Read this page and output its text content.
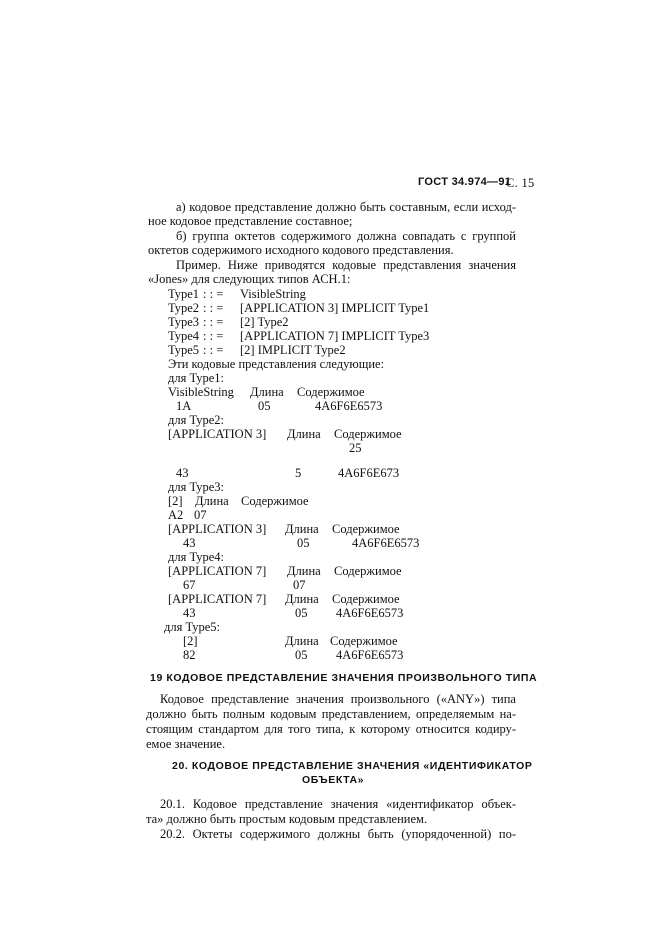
ГОСТ 34.974—91
С. 15
а) кодовое представление должно быть составным, если исход-
ное кодовое представление составное;
б) группа октетов содержимого должна совпадать с группой
октетов содержимого исходного кодового представления.
Пример. Ниже приводятся кодовые представления значения
«Jones» для следующих типов АСН.1:
Type1 : : = VisibleString
Type2 : : = [APPLICATION 3] IMPLICIT Type1
Type3 : : = [2] Type2
Type4 : : = [APPLICATION 7] IMPLICIT Type3
Type5 : : = [2] IMPLICIT Type2
Эти кодовые представления следующие:
для Type1:
VisibleString Длина Содержимое
1A	05	4A6F6E6573
для Type2:
[APPLICATION 3] Длина Содержимое
25
43	5	4A6F6E673
для Type3:
[2] Длина Содержимое
A2 07
[APPLICATION 3] Длина Содержимое
43	05	4A6F6E6573
для Type4:
[APPLICATION 7] Длина Содержимое
67	07
[APPLICATION 7] Длина Содержимое
43	05 4A6F6E6573
для Type5:
[2]	Длина Содержимое
82	05 4A6F6E6573
19 КОДОВОЕ ПРЕДСТАВЛЕНИЕ ЗНАЧЕНИЯ ПРОИЗВОЛЬНОГО ТИПА
Кодовое представление значения произвольного («ANY») типа
должно быть полным кодовым представлением, определяемым на-
стоящим стандартом для того типа, к которому относится кодиру-
емое значение.
20. КОДОВОЕ ПРЕДСТАВЛЕНИЕ ЗНАЧЕНИЯ «ИДЕНТИФИКАТОР
ОБЪЕКТА»
20.1. Кодовое представление значения «идентификатор объек-
та» должно быть простым кодовым представлением.
20.2. Октеты содержимого должны быть (упорядоченной) по-
